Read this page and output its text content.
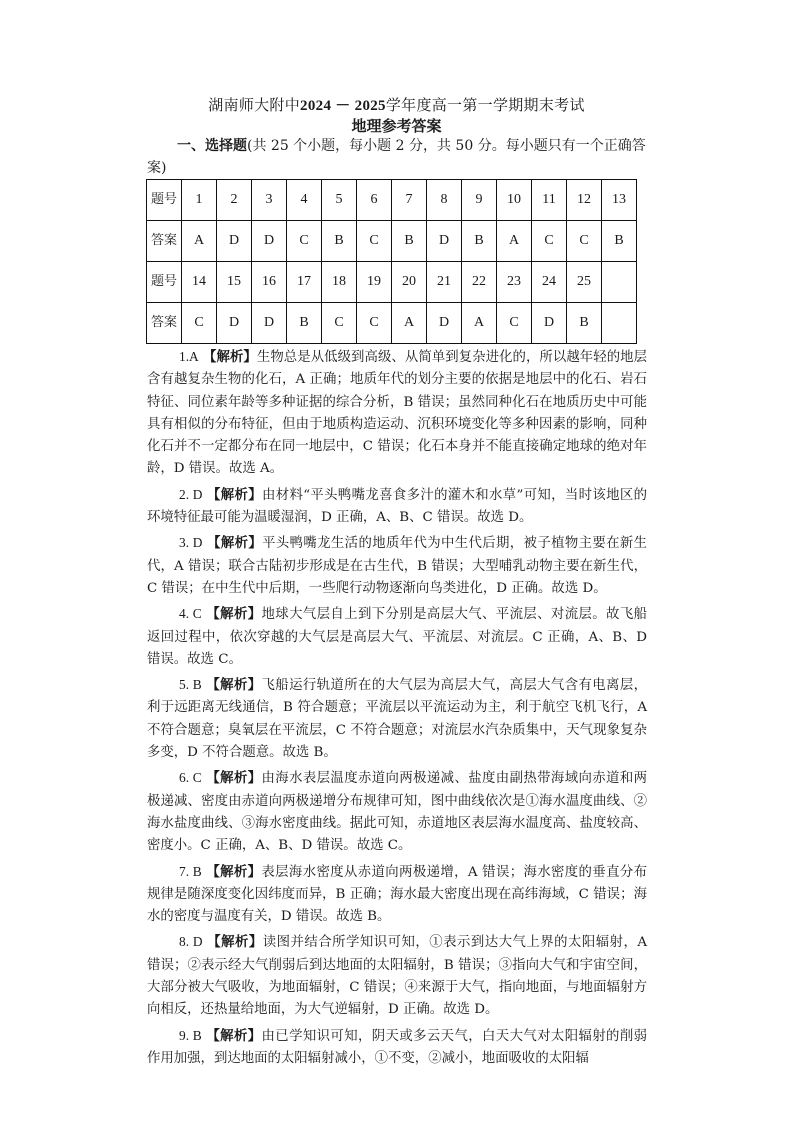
湖南师大附中2024 － 2025学年度高一第一学期期末考试
地理参考答案
一、选择题(共 25 个小题，每小题 2 分，共 50 分。每小题只有一个正确答案)
题号	1	2	3	4	5	6	7	8	9	10	11	12	13
答案	A	D	D	C	B	C	B	D	B	A	C	C	B
题号	14	15	16	17	18	19	20	21	22	23	24	25	
答案	C	D	D	B	C	C	A	D	A	C	D	B	

1.A 【解析】生物总是从低级到高级、从简单到复杂进化的，所以越年轻的地层含有越复杂生物的化石，A 正确；地质年代的划分主要的依据是地层中的化石、岩石特征、同位素年龄等多种证据的综合分析，B 错误；虽然同种化石在地质历史中可能具有相似的分布特征，但由于地质构造运动、沉积环境变化等多种因素的影响，同种化石并不一定都分布在同一地层中，C 错误；化石本身并不能直接确定地球的绝对年龄，D 错误。故选 A。

2. D 【解析】由材料“平头鸭嘴龙喜食多汁的灌木和水草”可知，当时该地区的环境特征最可能为温暖湿润，D 正确，A、B、C 错误。故选 D。

3. D 【解析】平头鸭嘴龙生活的地质年代为中生代后期，被子植物主要在新生代，A 错误；联合古陆初步形成是在古生代，B 错误；大型哺乳动物主要在新生代，C 错误；在中生代中后期，一些爬行动物逐渐向鸟类进化，D 正确。故选 D。

4. C 【解析】地球大气层自上到下分别是高层大气、平流层、对流层。故飞船返回过程中，依次穿越的大气层是高层大气、平流层、对流层。C 正确，A、B、D 错误。故选 C。

5. B 【解析】飞船运行轨道所在的大气层为高层大气，高层大气含有电离层，利于远距离无线通信，B 符合题意；平流层以平流运动为主，利于航空飞机飞行，A 不符合题意；臭氧层在平流层，C 不符合题意；对流层水汽杂质集中，天气现象复杂多变，D 不符合题意。故选 B。

6. C 【解析】由海水表层温度赤道向两极递减、盐度由副热带海域向赤道和两极递减、密度由赤道向两极递增分布规律可知，图中曲线依次是①海水温度曲线、②海水盐度曲线、③海水密度曲线。据此可知，赤道地区表层海水温度高、盐度较高、密度小。C 正确，A、B、D 错误。故选 C。

7. B 【解析】表层海水密度从赤道向两极递增，A 错误；海水密度的垂直分布规律是随深度变化因纬度而异，B 正确；海水最大密度出现在高纬海域，C 错误；海水的密度与温度有关，D 错误。故选 B。

8. D 【解析】读图并结合所学知识可知，①表示到达大气上界的太阳辐射，A 错误；②表示经大气削弱后到达地面的太阳辐射，B 错误；③指向大气和宇宙空间，大部分被大气吸收，为地面辐射，C 错误；④来源于大气，指向地面，与地面辐射方向相反，还热量给地面，为大气逆辐射，D 正确。故选 D。

9. B 【解析】由已学知识可知，阴天或多云天气，白天大气对太阳辐射的削弱作用加强，到达地面的太阳辐射减小，①不变，②减小，地面吸收的太阳辐
